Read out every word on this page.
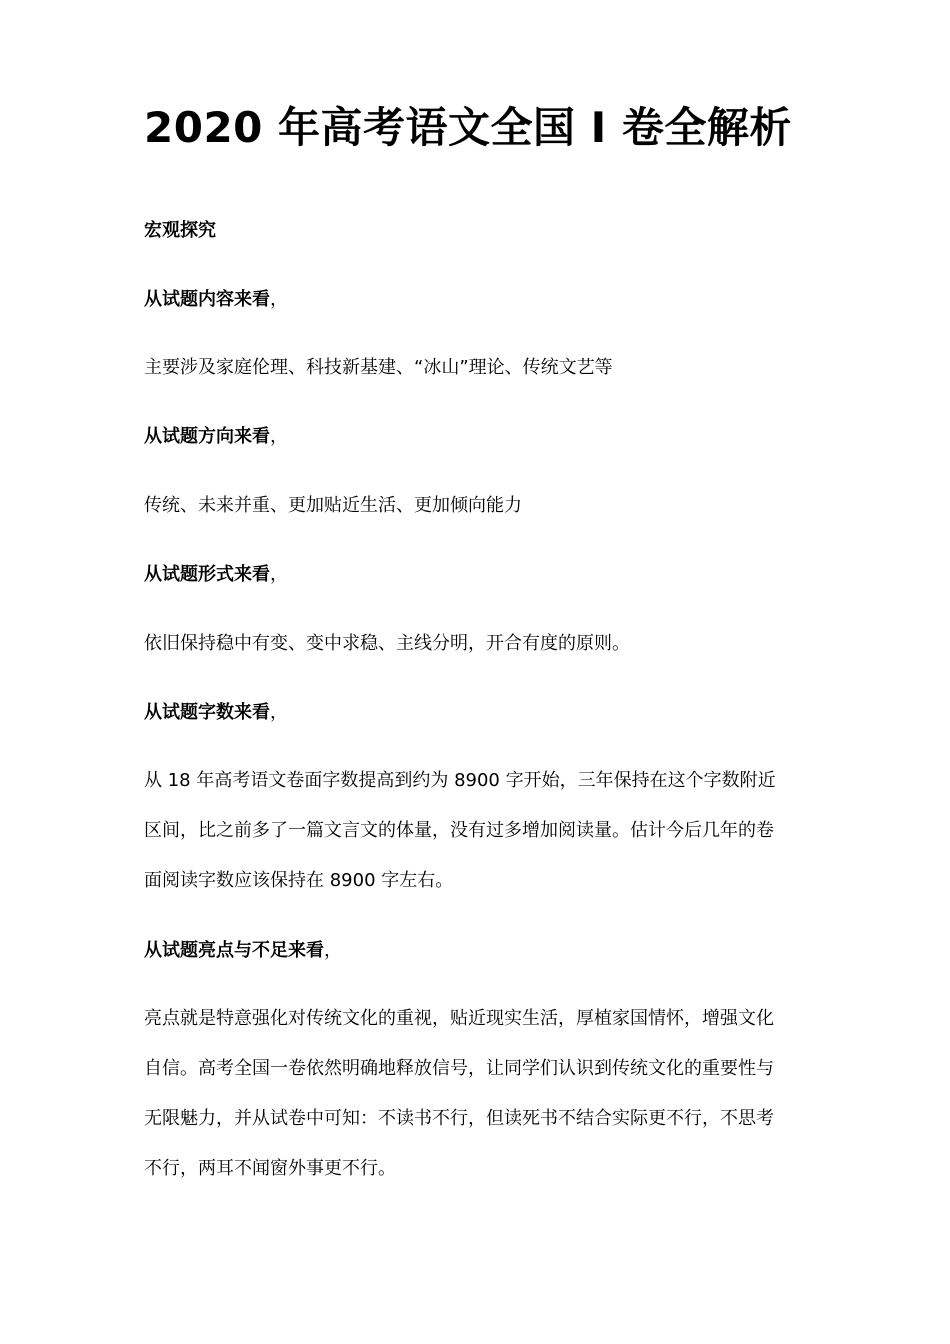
2020 年高考语文全国 I 卷全解析

宏观探究

从试题内容来看，

主要涉及家庭伦理、科技新基建、“冰山”理论、传统文艺等

从试题方向来看，

传统、未来并重、更加贴近生活、更加倾向能力

从试题形式来看，

依旧保持稳中有变、变中求稳、主线分明，开合有度的原则。

从试题字数来看，

从 18 年高考语文卷面字数提高到约为 8900 字开始，三年保持在这个字数附近
区间，比之前多了一篇文言文的体量，没有过多增加阅读量。估计今后几年的卷
面阅读字数应该保持在 8900 字左右。

从试题亮点与不足来看，

亮点就是特意强化对传统文化的重视，贴近现实生活，厚植家国情怀，增强文化
自信。高考全国一卷依然明确地释放信号，让同学们认识到传统文化的重要性与
无限魅力，并从试卷中可知：不读书不行，但读死书不结合实际更不行，不思考
不行，两耳不闻窗外事更不行。
